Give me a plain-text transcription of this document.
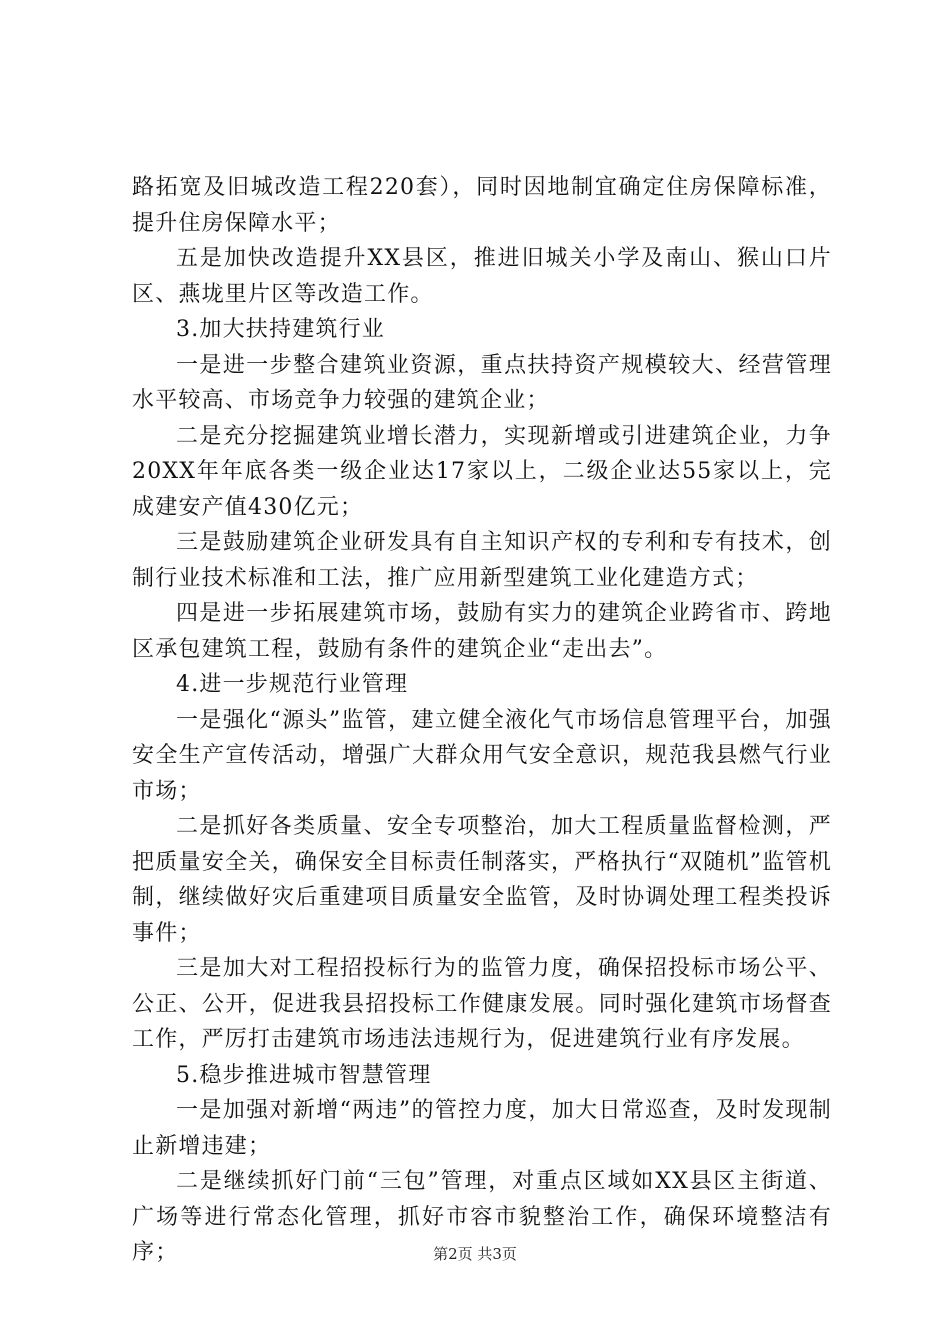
路拓宽及旧城改造工程220套），同时因地制宜确定住房保障标准，提升住房保障水平；

五是加快改造提升XX县区，推进旧城关小学及南山、猴山口片区、燕垅里片区等改造工作。

3.加大扶持建筑行业

一是进一步整合建筑业资源，重点扶持资产规模较大、经营管理水平较高、市场竞争力较强的建筑企业；

二是充分挖掘建筑业增长潜力，实现新增或引进建筑企业，力争20XX年年底各类一级企业达17家以上，二级企业达55家以上，完成建安产值430亿元；

三是鼓励建筑企业研发具有自主知识产权的专利和专有技术，创制行业技术标准和工法，推广应用新型建筑工业化建造方式；

四是进一步拓展建筑市场，鼓励有实力的建筑企业跨省市、跨地区承包建筑工程，鼓励有条件的建筑企业“走出去”。

4.进一步规范行业管理

一是强化“源头”监管，建立健全液化气市场信息管理平台，加强安全生产宣传活动，增强广大群众用气安全意识，规范我县燃气行业市场；

二是抓好各类质量、安全专项整治，加大工程质量监督检测，严把质量安全关，确保安全目标责任制落实，严格执行“双随机”监管机制，继续做好灾后重建项目质量安全监管，及时协调处理工程类投诉事件；

三是加大对工程招投标行为的监管力度，确保招投标市场公平、公正、公开，促进我县招投标工作健康发展。同时强化建筑市场督查工作，严厉打击建筑市场违法违规行为，促进建筑行业有序发展。

5.稳步推进城市智慧管理

一是加强对新增“两违”的管控力度，加大日常巡查，及时发现制止新增违建；

二是继续抓好门前“三包”管理，对重点区域如XX县区主街道、广场等进行常态化管理，抓好市容市貌整治工作，确保环境整洁有序；	第2页 共3页
